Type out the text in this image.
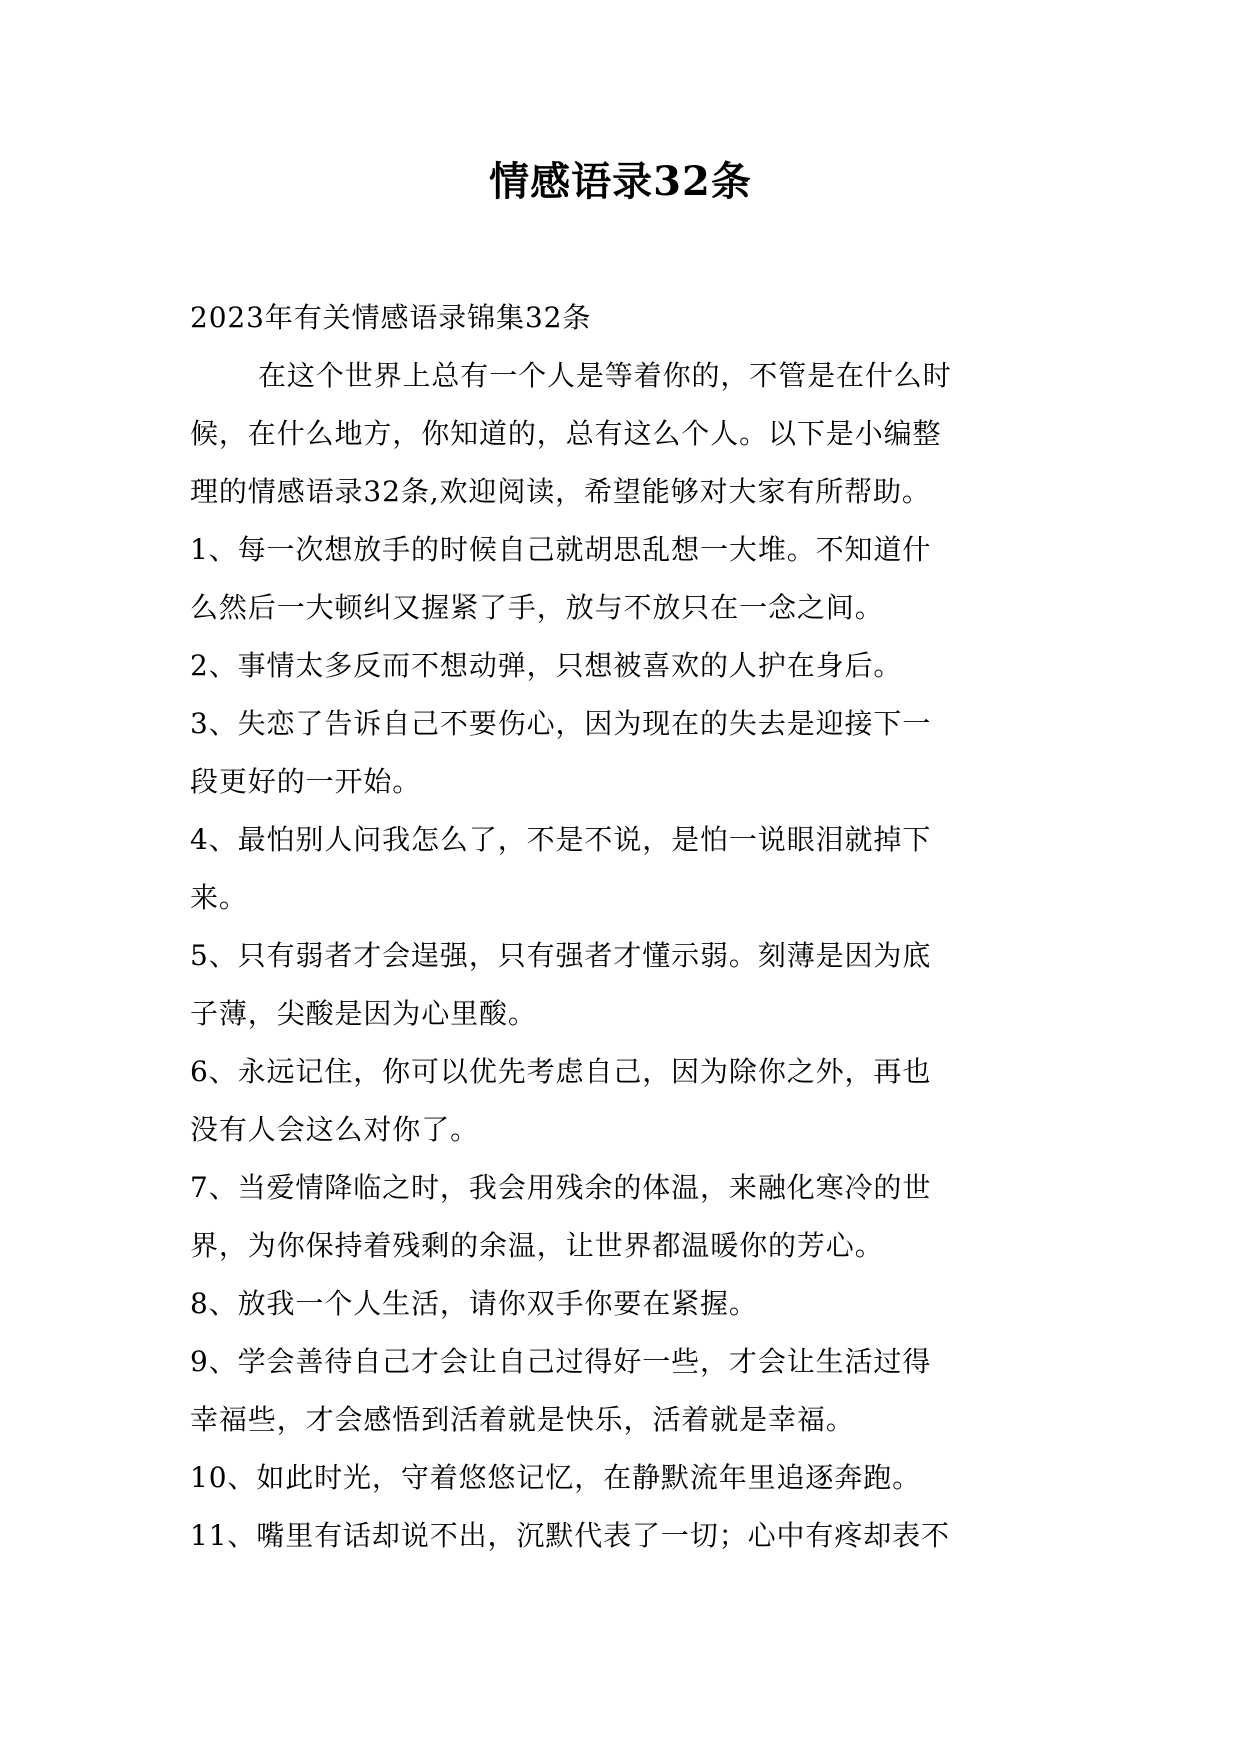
情感语录32条
2023年有关情感语录锦集32条
在这个世界上总有一个人是等着你的，不管是在什么时
候，在什么地方，你知道的，总有这么个人。以下是小编整
理的情感语录32条,欢迎阅读，希望能够对大家有所帮助。
1、每一次想放手的时候自己就胡思乱想一大堆。不知道什
么然后一大顿纠又握紧了手，放与不放只在一念之间。
2、事情太多反而不想动弹，只想被喜欢的人护在身后。
3、失恋了告诉自己不要伤心，因为现在的失去是迎接下一
段更好的一开始。
4、最怕别人问我怎么了，不是不说，是怕一说眼泪就掉下
来。
5、只有弱者才会逞强，只有强者才懂示弱。刻薄是因为底
子薄，尖酸是因为心里酸。
6、永远记住，你可以优先考虑自己，因为除你之外，再也
没有人会这么对你了。
7、当爱情降临之时，我会用残余的体温，来融化寒冷的世
界，为你保持着残剩的余温，让世界都温暖你的芳心。
8、放我一个人生活，请你双手你要在紧握。
9、学会善待自己才会让自己过得好一些，才会让生活过得
幸福些，才会感悟到活着就是快乐，活着就是幸福。
10、如此时光，守着悠悠记忆，在静默流年里追逐奔跑。
11、嘴里有话却说不出，沉默代表了一切；心中有疼却表不
